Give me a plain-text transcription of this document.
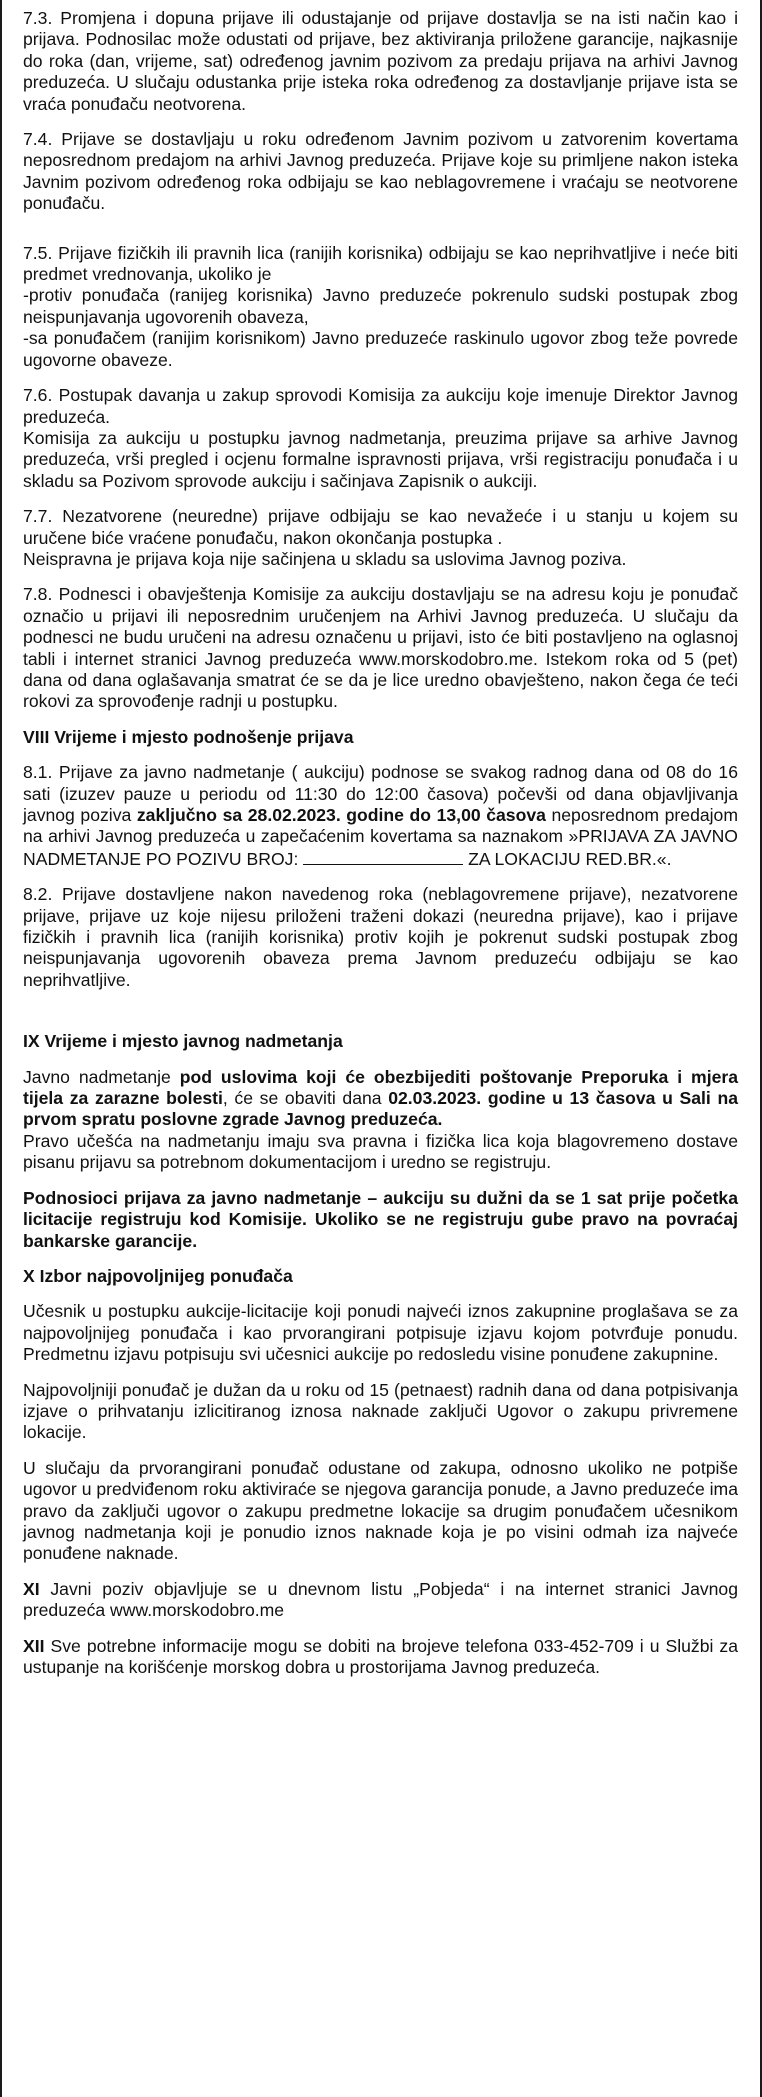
7.3. Promjena i dopuna prijave ili odustajanje od prijave dostavlja se na isti način kao i prijava. Podnosilac može odustati od prijave, bez aktiviranja priložene garancije, najkasnije do roka (dan, vrijeme, sat) određenog javnim pozivom za predaju prijava na arhivi Javnog preduzeća. U slučaju odustanka prije isteka roka određenog za dostavljanje prijave ista se vraća ponuđaču neotvorena.

7.4. Prijave se dostavljaju u roku određenom Javnim pozivom u zatvorenim kovertama neposrednom predajom na arhivi Javnog preduzeća. Prijave koje su primljene nakon isteka Javnim pozivom određenog roka odbijaju se kao neblagovremene i vraćaju se neotvorene ponuđaču.

7.5. Prijave fizičkih ili pravnih lica (ranijih korisnika) odbijaju se kao neprihvatljive i neće biti predmet vrednovanja, ukoliko je

-protiv ponuđača (ranijeg korisnika) Javno preduzeće pokrenulo sudski postupak zbog neispunjavanja ugovorenih obaveza,

-sa ponuđačem (ranijim korisnikom) Javno preduzeće raskinulo ugovor zbog teže povrede ugovorne obaveze.

7.6. Postupak davanja u zakup sprovodi Komisija za aukciju koje imenuje Direktor Javnog preduzeća.

Komisija za aukciju u postupku javnog nadmetanja, preuzima prijave sa arhive Javnog preduzeća, vrši pregled i ocjenu formalne ispravnosti prijava, vrši registraciju ponuđača i u skladu sa Pozivom sprovode aukciju i sačinjava Zapisnik o aukciji.

7.7. Nezatvorene (neuredne) prijave odbijaju se kao nevažeće i u stanju u kojem su uručene biće vraćene ponuđaču, nakon okončanja postupka .

Neispravna je prijava koja nije sačinjena u skladu sa uslovima Javnog poziva.

7.8. Podnesci i obavještenja Komisije za aukciju dostavljaju se na adresu koju je ponuđač označio u prijavi ili neposrednim uručenjem na Arhivi Javnog preduzeća. U slučaju da podnesci ne budu uručeni na adresu označenu u prijavi, isto će biti postavljeno na oglasnoj tabli i internet stranici Javnog preduzeća www.morskodobro.me. Istekom roka od 5 (pet) dana od dana oglašavanja smatrat će se da je lice uredno obavješteno, nakon čega će teći rokovi za sprovođenje radnji u postupku.

VIII Vrijeme i mjesto podnošenje prijava

8.1. Prijave za javno nadmetanje ( aukciju) podnose se svakog radnog dana od 08 do 16 sati (izuzev pauze u periodu od 11:30 do 12:00 časova) počevši od dana objavljivanja javnog poziva zaključno sa 28.02.2023. godine do 13,00 časova neposrednom predajom na arhivi Javnog preduzeća u zapečaćenim kovertama sa naznakom »PRIJAVA ZA JAVNO NADMETANJE PO POZIVU BROJ:	ZA LOKACIJU RED.BR.«.

8.2. Prijave dostavljene nakon navedenog roka (neblagovremene prijave), nezatvorene prijave, prijave uz koje nijesu priloženi traženi dokazi (neuredna prijave), kao i prijave fizičkih i pravnih lica (ranijih korisnika) protiv kojih je pokrenut sudski postupak zbog neispunjavanja ugovorenih obaveza prema Javnom preduzeću odbijaju se kao neprihvatljive.

IX Vrijeme i mjesto javnog nadmetanja

Javno nadmetanje pod uslovima koji će obezbijediti poštovanje Preporuka i mjera tijela za zarazne bolesti, će se obaviti dana 02.03.2023. godine u 13 časova u Sali na prvom spratu poslovne zgrade Javnog preduzeća.

Pravo učešća na nadmetanju imaju sva pravna i fizička lica koja blagovremeno dostave pisanu prijavu sa potrebnom dokumentacijom i uredno se registruju.

Podnosioci prijava za javno nadmetanje – aukciju su dužni da se 1 sat prije početka licitacije registruju kod Komisije. Ukoliko se ne registruju gube pravo na povraćaj bankarske garancije.

X Izbor najpovoljnijeg ponuđača

Učesnik u postupku aukcije-licitacije koji ponudi najveći iznos zakupnine proglašava se za najpovoljnijeg ponuđača i kao prvorangirani potpisuje izjavu kojom potvrđuje ponudu. Predmetnu izjavu potpisuju svi učesnici aukcije po redosledu visine ponuđene zakupnine.

Najpovoljniji ponuđač je dužan da u roku od 15 (petnaest) radnih dana od dana potpisivanja izjave o prihvatanju izlicitiranog iznosa naknade zaključi Ugovor o zakupu privremene lokacije.

U slučaju da prvorangirani ponuđač odustane od zakupa, odnosno ukoliko ne potpiše ugovor u predviđenom roku aktiviraće se njegova garancija ponude, a Javno preduzeće ima pravo da zaključi ugovor o zakupu predmetne lokacije sa drugim ponuđačem učesnikom javnog nadmetanja koji je ponudio iznos naknade koja je po visini odmah iza najveće ponuđene naknade.

XI Javni poziv objavljuje se u dnevnom listu „Pobjeda“ i na internet stranici Javnog preduzeća www.morskodobro.me

XII Sve potrebne informacije mogu se dobiti na brojeve telefona 033-452-709 i u Službi za ustupanje na korišćenje morskog dobra u prostorijama Javnog preduzeća.
